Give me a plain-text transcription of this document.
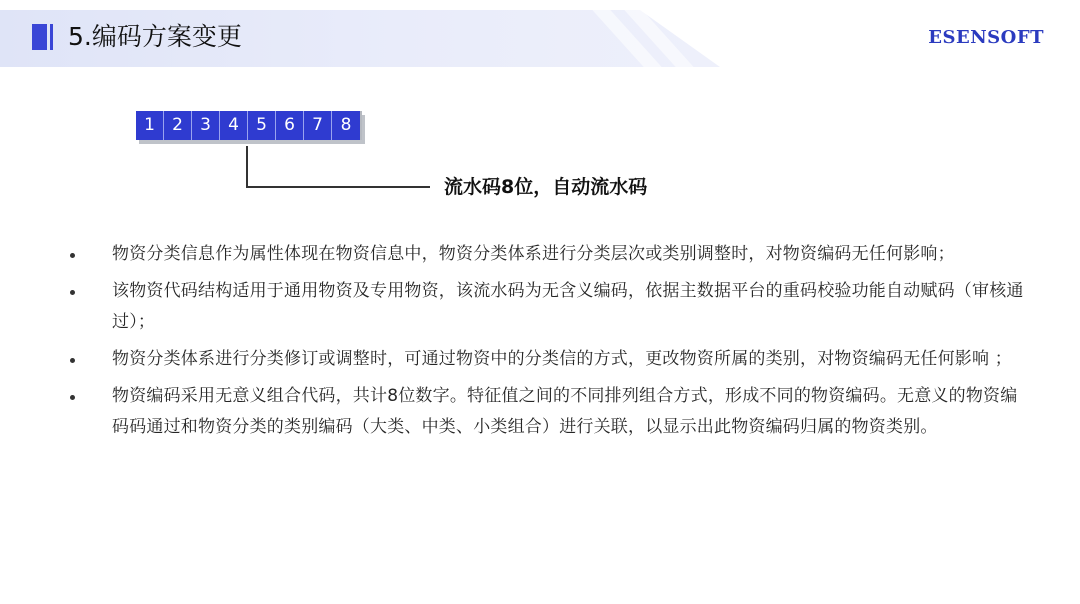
5.编码方案变更	ESENSOFT
1	2	3	4	5	6	7	8
流水码8位，自动流水码
物资分类信息作为属性体现在物资信息中，物资分类体系进行分类层次或类别调整时，对物资编码无任何影响；
该物资代码结构适用于通用物资及专用物资，该流水码为无含义编码，依据主数据平台的重码校验功能自动赋码（审核通过）；
物资分类体系进行分类修订或调整时，可通过物资中的分类信的方式，更改物资所属的类别，对物资编码无任何影响 ；
物资编码采用无意义组合代码，共计8位数字。特征值之间的不同排列组合方式，形成不同的物资编码。无意义的物资编码码通过和物资分类的类别编码（大类、中类、小类组合）进行关联，以显示出此物资编码归属的物资类别。
